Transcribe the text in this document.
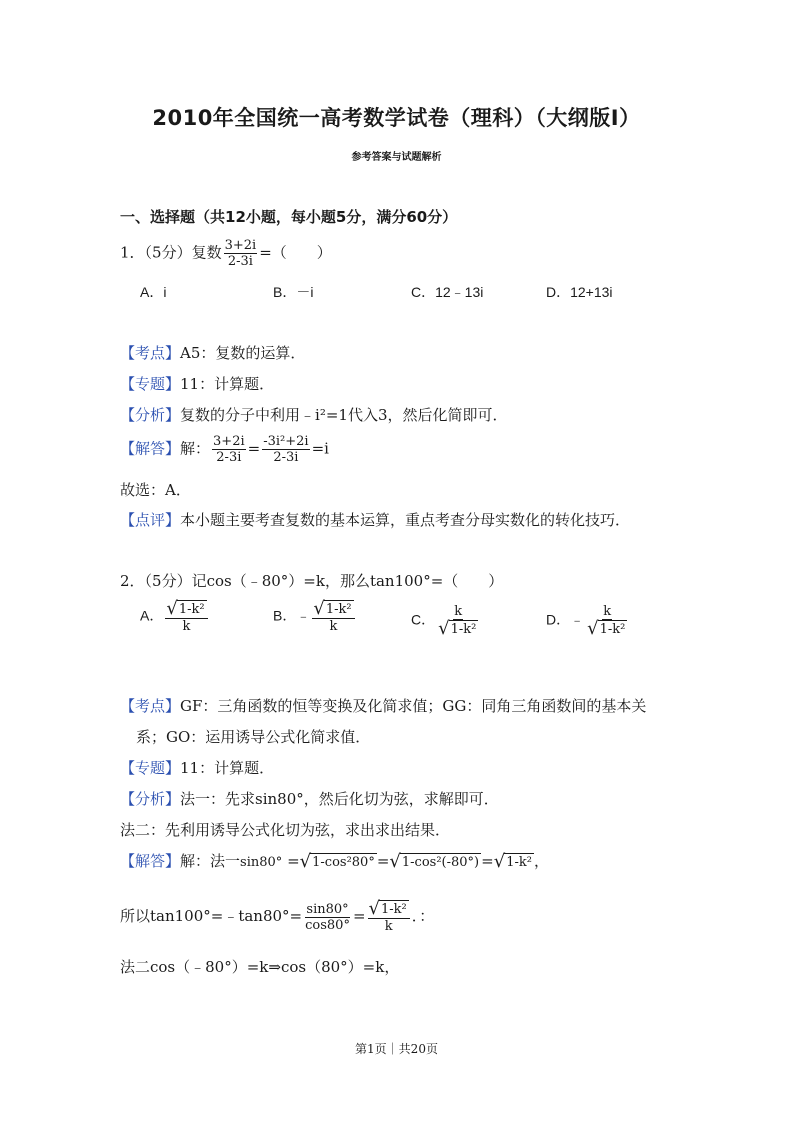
2010年全国统一高考数学试卷（理科）（大纲版Ⅰ）
参考答案与试题解析
一、选择题（共12小题，每小题5分，满分60分）
1．（5分）复数 $\frac{3+2i}{2-3i}$ =（　　）
A．i	B．－i	C．12﹣13i	D．12+13i
【考点】A5：复数的运算．
【专题】11：计算题．
【分析】复数的分子中利用﹣i²=1代入3，然后化简即可．
【解答】解： $\frac{3+2i}{2-3i} = \frac{\text{-3i²+2i}}{2-3i} =i$
故选：A．
【点评】本小题主要考查复数的基本运算，重点考查分母实数化的转化技巧．
2．（5分）记cos（﹣80°）=k，那么tan100°=（　　）
A． $\frac{\text{√ 1-k²}}{k}$	B．﹣ $\frac{\text{√ 1-k²}}{k}$	C． $\frac{k}{\text{√ 1-k²}}$	D．﹣ $\frac{k}{\text{√ 1-k²}}$
【考点】GF：三角函数的恒等变换及化简求值；GG：同角三角函数间的基本关
系；GO：运用诱导公式化简求值．
【专题】11：计算题．
【分析】法一：先求sin80°，然后化切为弦，求解即可．
法二：先利用诱导公式化切为弦，求出求出结果．
【解答】解：法一sin80° = √ 1-cos²80° = √ 1-cos²(-80°) = √ 1-k² ，
所以tan100°=﹣tan80°= $\frac{\sin 80^\circ}{\cos 80^\circ} = \frac{\text{√ 1-k²}}{k}$ ．：
法二cos（﹣80°）=k⇒cos（80°）=k，
第1页｜共20页
